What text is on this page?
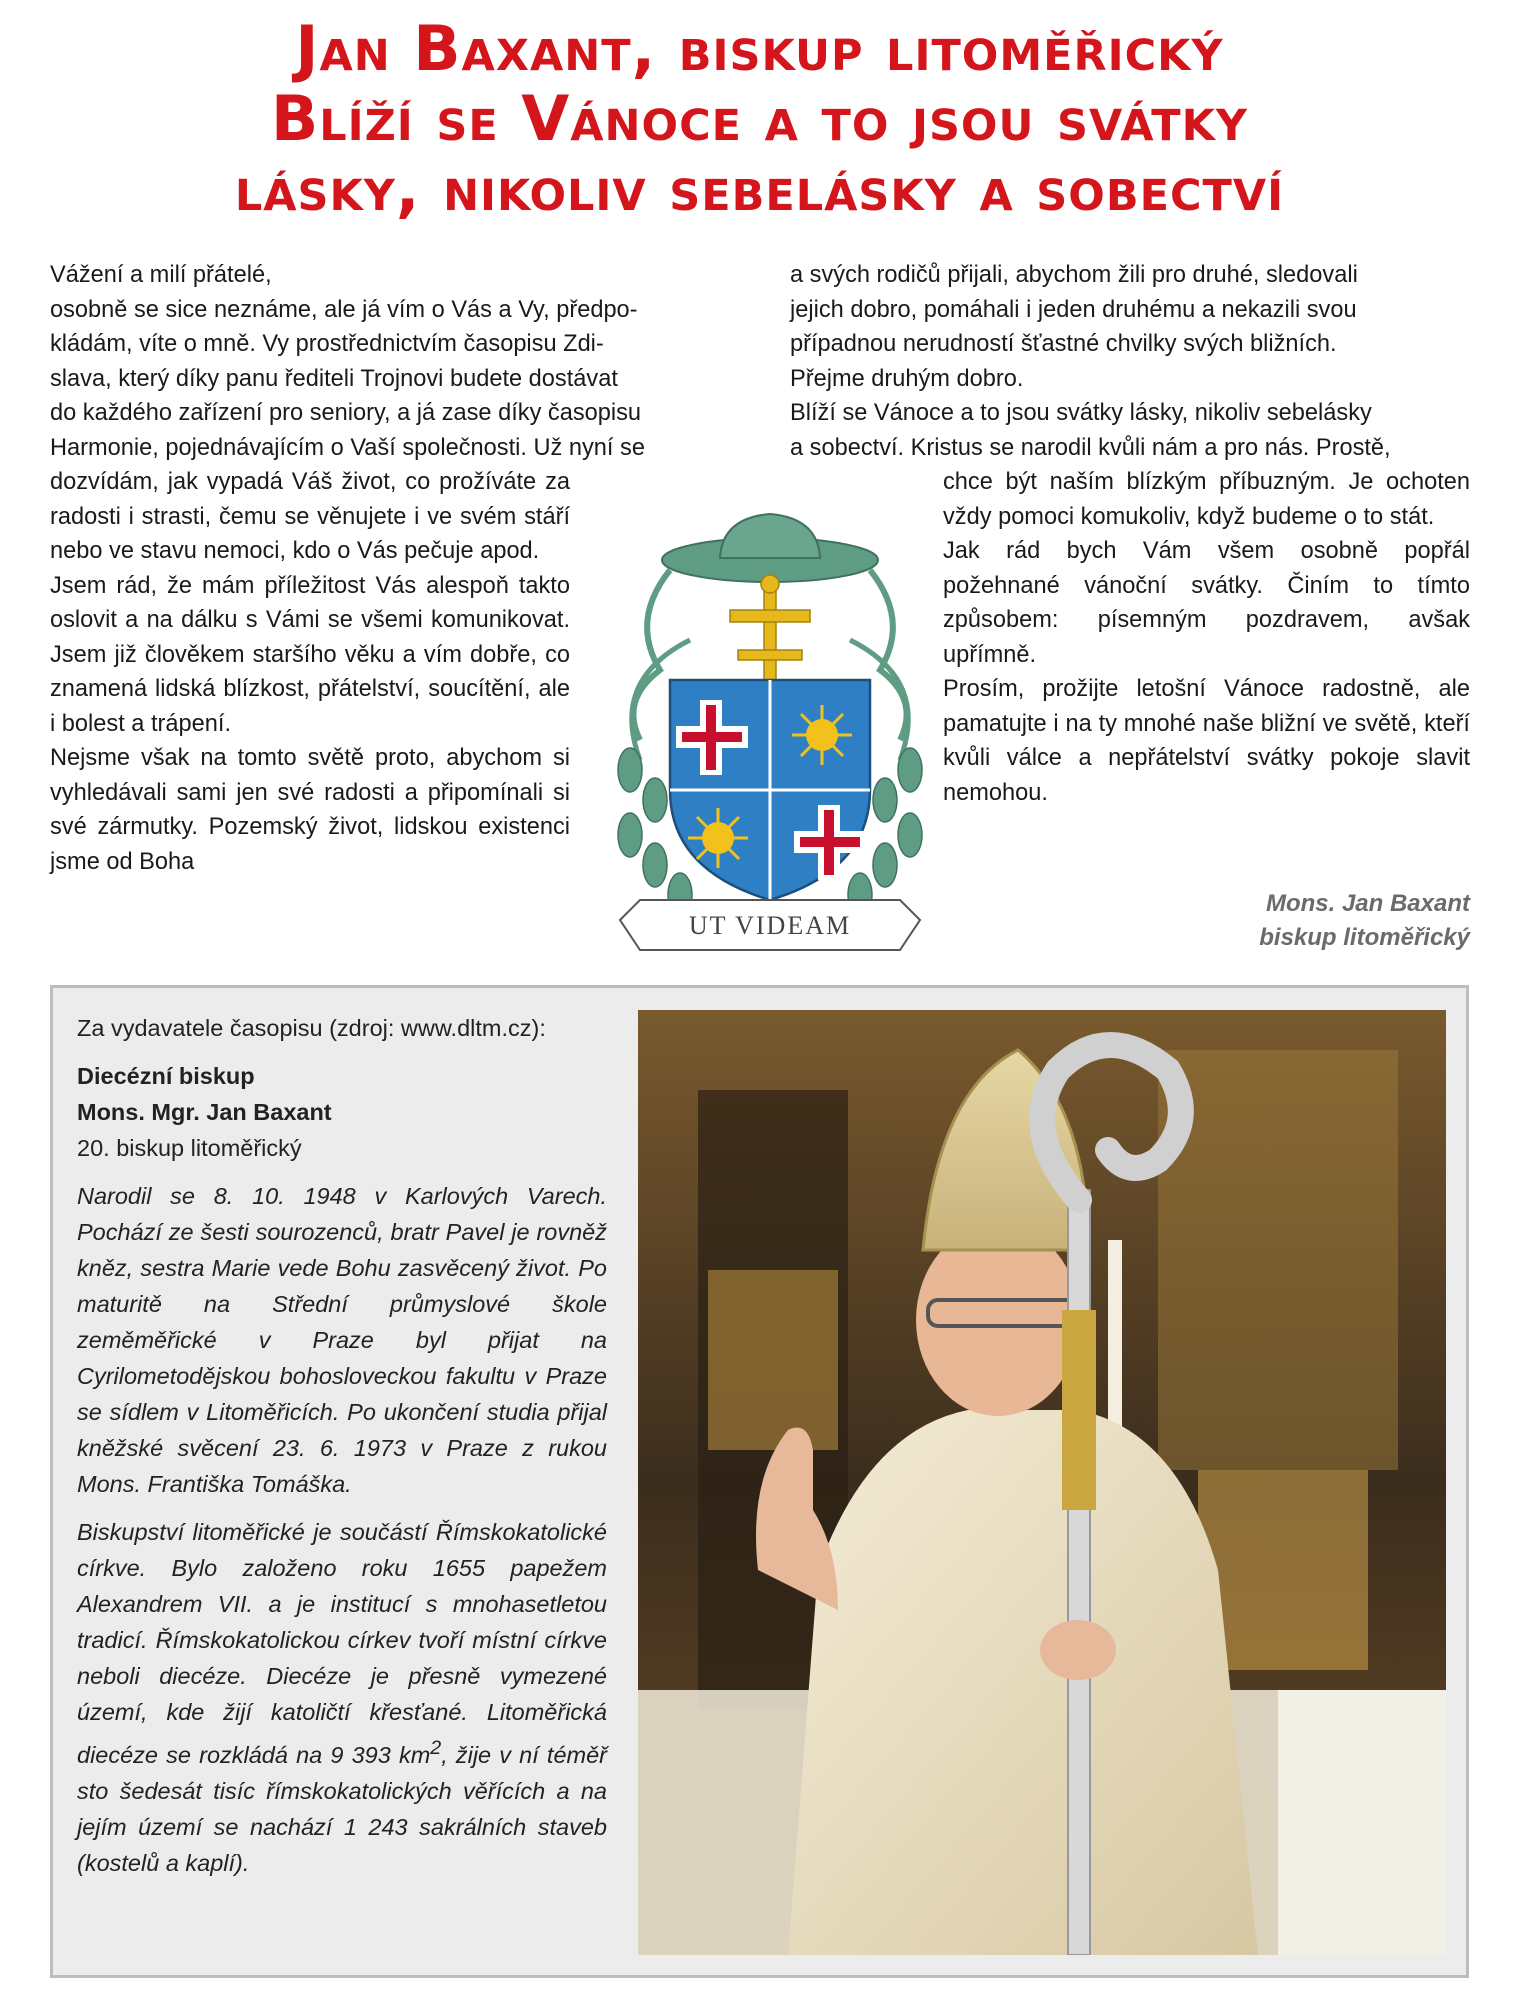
Jan Baxant, biskup litoměřický
Blíží se Vánoce a to jsou svátky
lásky, nikoliv sebelásky a sobectví

Vážení a milí přátelé,

osobně se sice neznáme, ale já vím o Vás a Vy, předpo-

kládám, víte o mně. Vy prostřednictvím časopisu Zdi-

slava, který díky panu řediteli Trojnovi budete dostávat

do každého zařízení pro seniory, a já zase díky časopisu

Harmonie, pojednávajícím o Vaší společnosti. Už nyní se

dozvídám, jak vypadá Váš život, co prožíváte za radosti i strasti, čemu se věnujete i ve svém stáří nebo ve stavu nemoci, kdo o Vás pečuje apod.

Jsem rád, že mám příležitost Vás alespoň takto oslovit a na dálku s Vámi se všemi komunikovat. Jsem již člověkem staršího věku a vím dobře, co znamená lidská blízkost, přátelství, soucítění, ale i bolest a trápení.

Nejsme však na tomto světě proto, abychom si vyhledávali sami jen své radosti a připomínali si své zármutky. Pozemský život, lidskou existenci jsme od Boha

a svých rodičů přijali, abychom žili pro druhé, sledovali

jejich dobro, pomáhali i jeden druhému a nekazili svou

případnou nerudností šťastné chvilky svých bližních.

Přejme druhým dobro.

Blíží se Vánoce a to jsou svátky lásky, nikoliv sebelásky

a sobectví. Kristus se narodil kvůli nám a pro nás. Prostě,

chce být naším blízkým příbuzným. Je ochoten vždy pomoci komukoliv, když budeme o to stát.

Jak rád bych Vám všem osobně popřál požehnané vánoční svátky. Činím to tímto způsobem: písemným pozdravem, avšak upřímně.

Prosím, prožijte letošní Vánoce radostně, ale pamatujte i na ty mnohé naše bližní ve světě, kteří kvůli válce a nepřátelství svátky pokoje slavit nemohou.

Mons. Jan Baxant
biskup litoměřický
UT VIDEAM

Za vydavatele časopisu (zdroj: www.dltm.cz):

Diecézní biskup

Mons. Mgr. Jan Baxant

20. biskup litoměřický

Narodil se 8. 10. 1948 v Karlových Varech. Pochází ze šesti sourozenců, bratr Pavel je rovněž kněz, sestra Marie vede Bohu zasvěcený život. Po maturitě na Střední průmyslové škole zeměměřické v Praze byl přijat na Cyrilometodějskou bohosloveckou fakultu v Praze se sídlem v Litoměřicích. Po ukončení studia přijal kněžské svěcení 23. 6. 1973 v Praze z rukou Mons. Františka Tomáška.

Biskupství litoměřické je součástí Římskokatolické církve. Bylo založeno roku 1655 papežem Alexandrem VII. a je institucí s mnohasetletou tradicí. Římskokatolickou církev tvoří místní církve neboli diecéze. Diecéze je přesně vymezené území, kde žijí katoličtí křesťané. Litoměřická diecéze se rozkládá na 9 393 $km^2$, žije v ní téměř sto šedesát tisíc římskokatolických věřících a na jejím území se nachází 1 243 sakrálních staveb (kostelů a kaplí).
